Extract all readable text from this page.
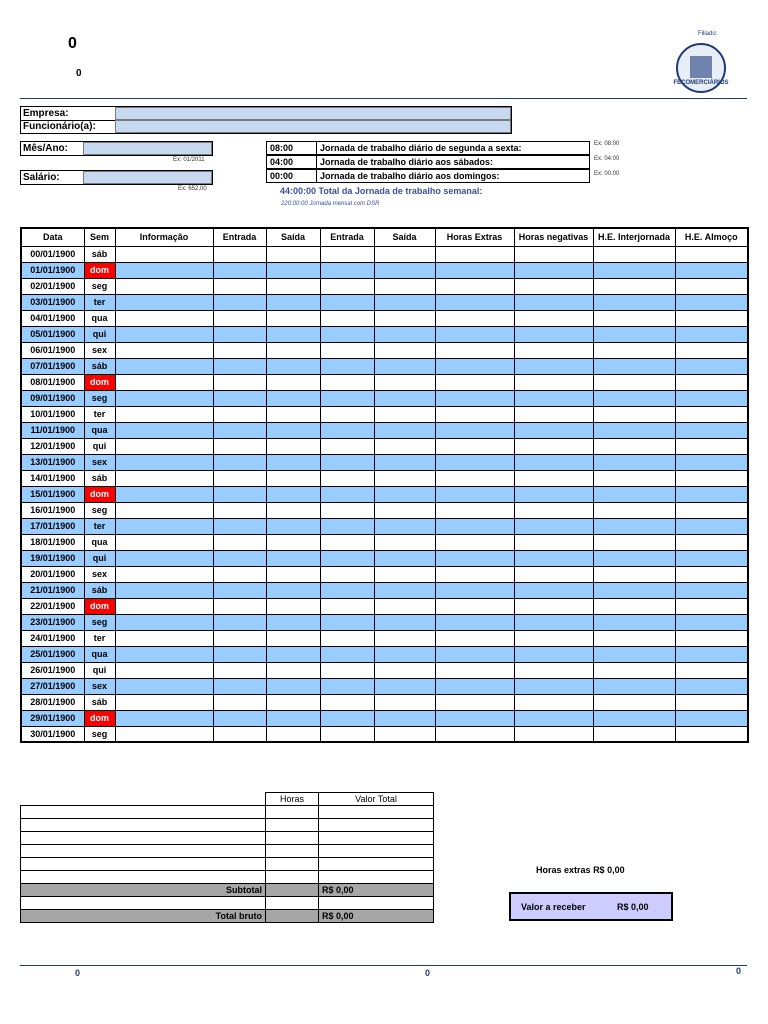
0
0
Filiado:
FECOMERCIÁRIOS
Empresa:
Funcionário(a):
Mês/Ano:
Ex: 01/2011
Salário:
Ex: 652,00
08:00	Jornada de trabalho diário de segunda a sexta:	Ex: 08:00
04:00	Jornada de trabalho diário aos sábados:	Ex: 04:00
00:00	Jornada de trabalho diário aos domingos:	Ex: 00:00
44:00:00 Total da Jornada de trabalho semanal:
220:00:00 Jornada mensal com DSR
Data	Sem	Informação	Entrada	Saída	Entrada	Saída	Horas Extras	Horas negativas	H.E. Interjornada	H.E. Almoço
00/01/1900	sáb									
01/01/1900	dom									
02/01/1900	seg									
03/01/1900	ter									
04/01/1900	qua									
05/01/1900	qui									
06/01/1900	sex									
07/01/1900	sáb									
08/01/1900	dom									
09/01/1900	seg									
10/01/1900	ter									
11/01/1900	qua									
12/01/1900	qui									
13/01/1900	sex									
14/01/1900	sáb									
15/01/1900	dom									
16/01/1900	seg									
17/01/1900	ter									
18/01/1900	qua									
19/01/1900	qui									
20/01/1900	sex									
21/01/1900	sáb									
22/01/1900	dom									
23/01/1900	seg									
24/01/1900	ter									
25/01/1900	qua									
26/01/1900	qui									
27/01/1900	sex									
28/01/1900	sáb									
29/01/1900	dom									
30/01/1900	seg									
	Horas	Valor Total

Subtotal		R$ 0,00

Total bruto		R$ 0,00
Horas extras R$ 0,00
Valor a receber	R$ 0,00
0	0	0
